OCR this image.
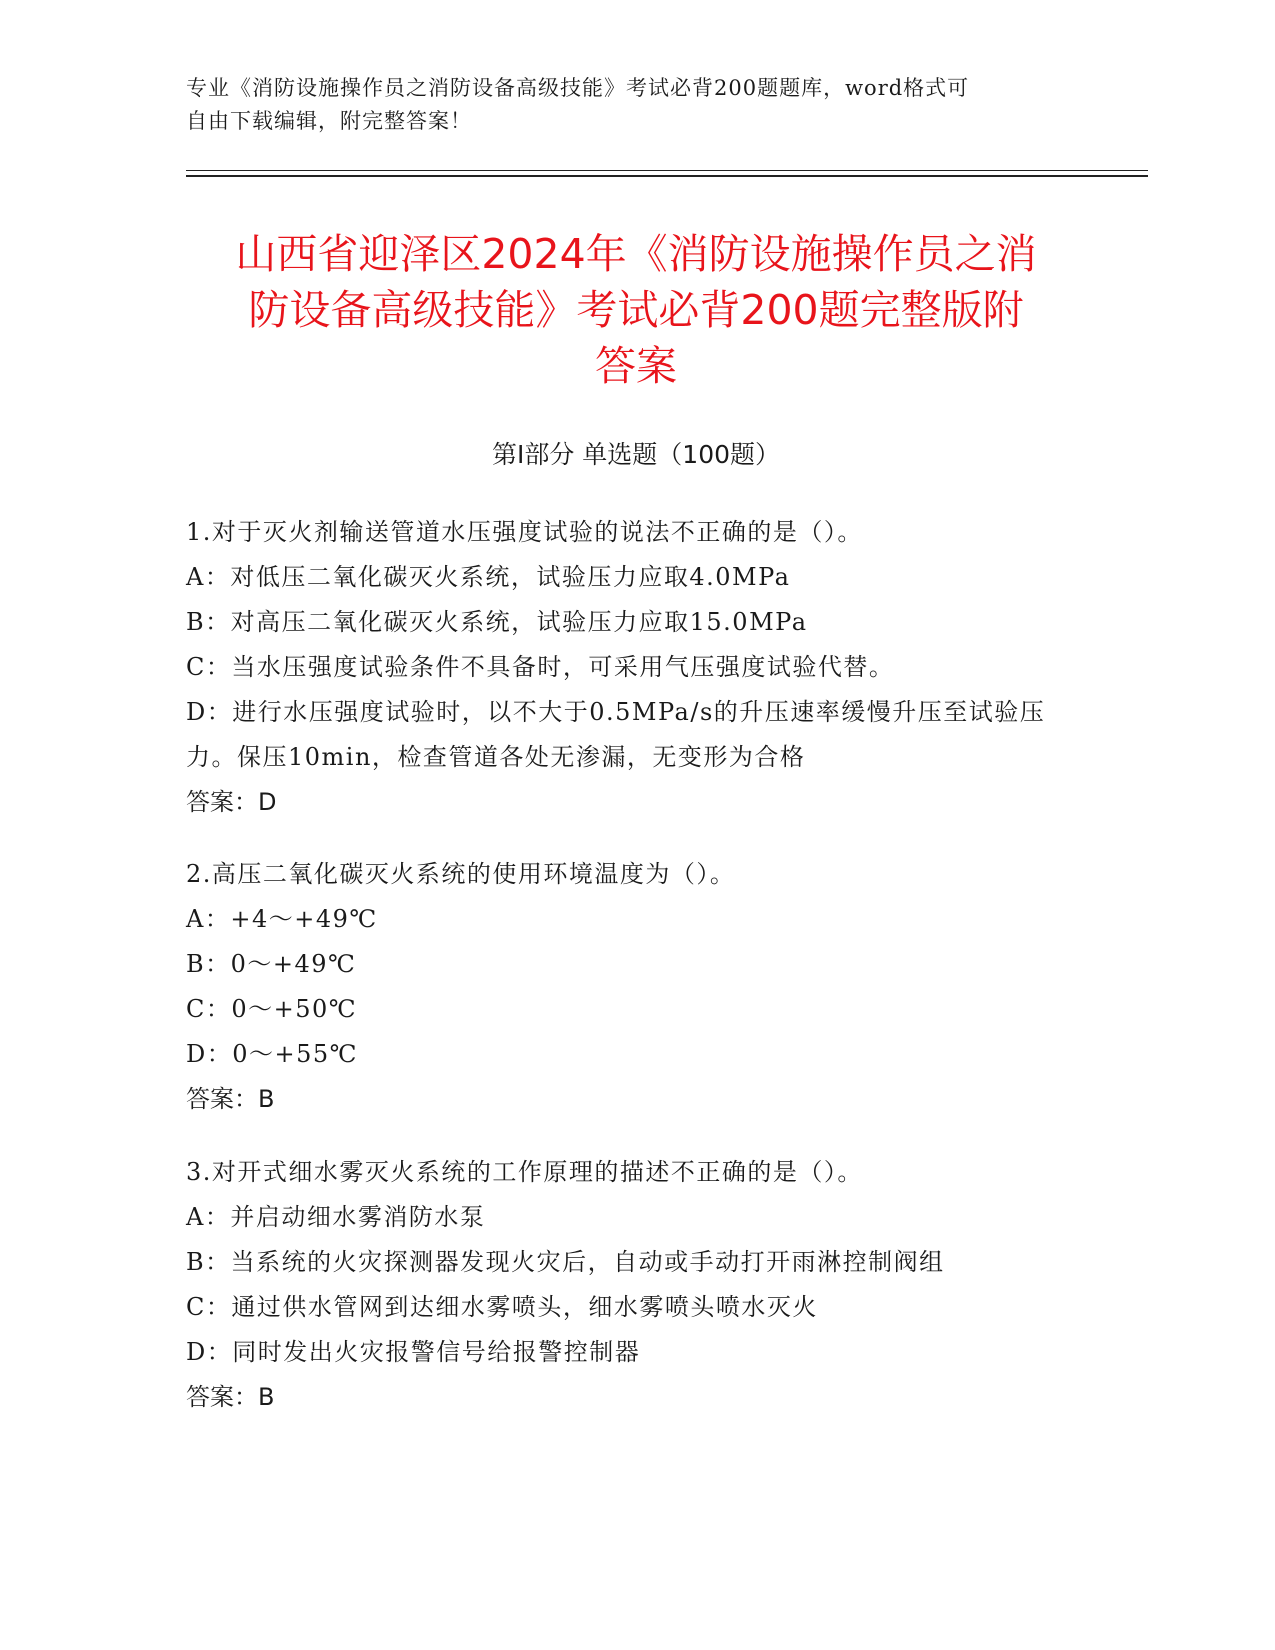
专业《消防设施操作员之消防设备高级技能》考试必背200题题库，word格式可
自由下载编辑，附完整答案！
山西省迎泽区2024年《消防设施操作员之消
防设备高级技能》考试必背200题完整版附
答案
第Ⅰ部分 单选题（100题）
1.对于灭火剂输送管道水压强度试验的说法不正确的是（）。
A：对低压二氧化碳灭火系统，试验压力应取4.0MPa
B：对高压二氧化碳灭火系统，试验压力应取15.0MPa
C：当水压强度试验条件不具备时，可采用气压强度试验代替。
D：进行水压强度试验时，以不大于0.5MPa/s的升压速率缓慢升压至试验压力。保压10min，检查管道各处无渗漏，无变形为合格
答案：D
2.高压二氧化碳灭火系统的使用环境温度为（）。
A：+4～+49℃
B：0～+49℃
C：0～+50℃
D：0～+55℃
答案：B
3.对开式细水雾灭火系统的工作原理的描述不正确的是（）。
A：并启动细水雾消防水泵
B：当系统的火灾探测器发现火灾后，自动或手动打开雨淋控制阀组
C：通过供水管网到达细水雾喷头，细水雾喷头喷水灭火
D：同时发出火灾报警信号给报警控制器
答案：B
